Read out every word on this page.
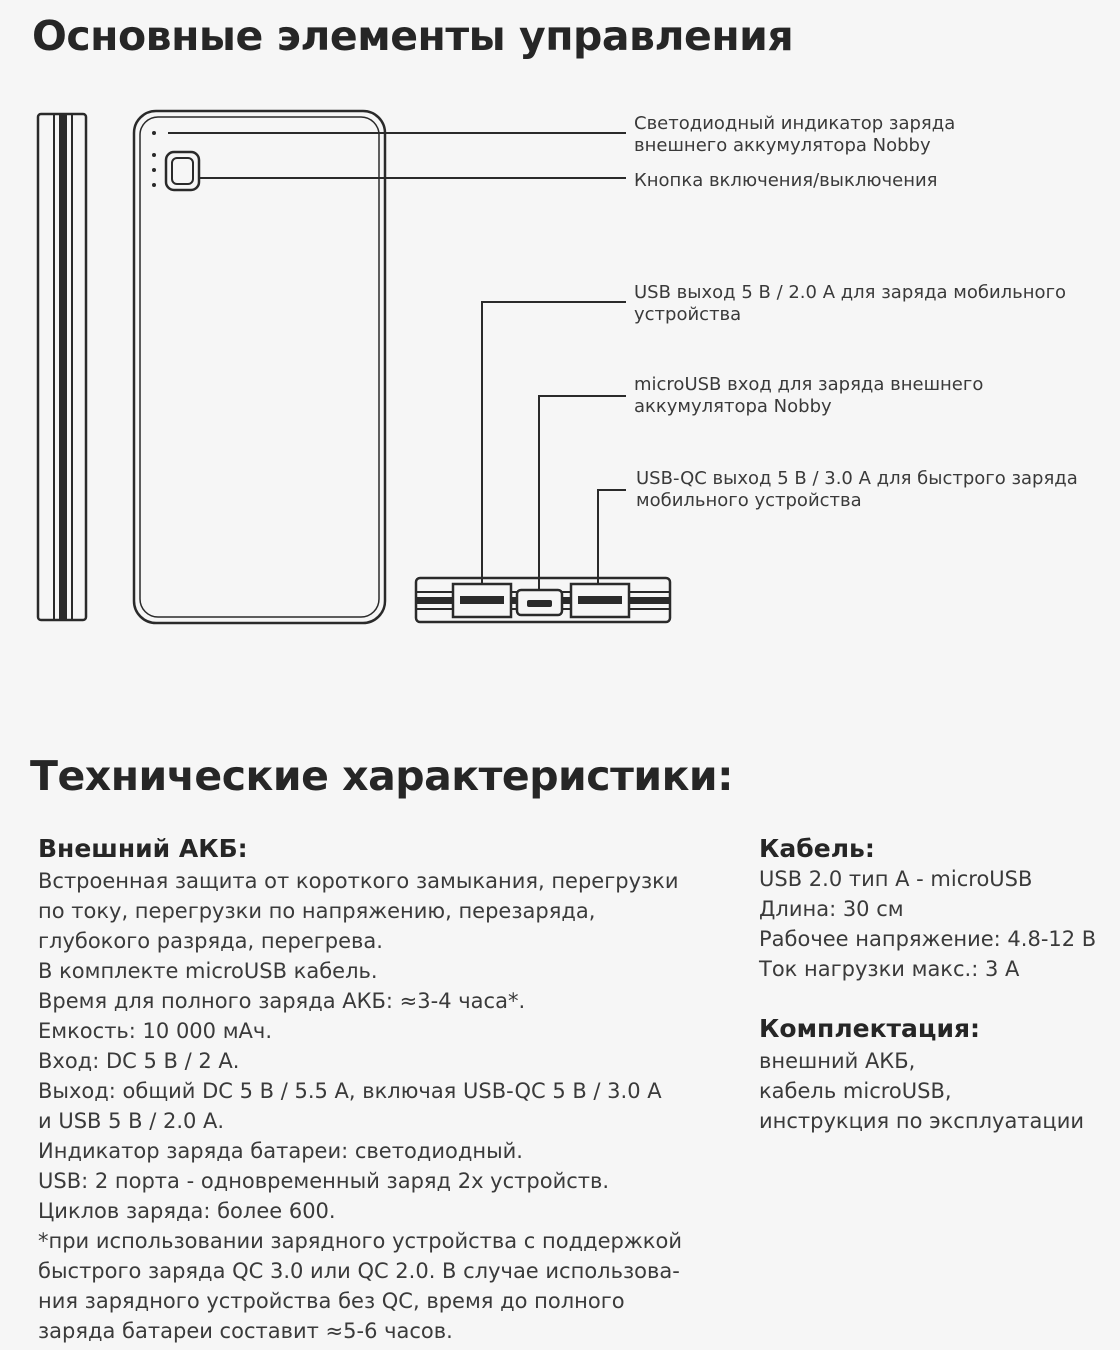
Основные элементы управления
Светодиодный индикатор заряда
внешнего аккумулятора Nobby
Кнопка включения/выключения
USB выход 5 В / 2.0 А для заряда мобильного
устройства
microUSB вход для заряда внешнего
аккумулятора Nobby
USB-QC выход 5 В / 3.0 А для быстрого заряда
мобильного устройства
Технические характеристики:
Внешний АКБ:
Встроенная защита от короткого замыкания, перегрузки
по току, перегрузки по напряжению, перезаряда,
глубокого разряда, перегрева.
В комплекте microUSB кабель.
Время для полного заряда АКБ: ≈3-4 часа*.
Емкость: 10 000 мАч.
Вход: DC 5 В / 2 А.
Выход: общий DC 5 В / 5.5 А, включая USB-QC 5 В / 3.0 А
и USB 5 В / 2.0 А.
Индикатор заряда батареи: светодиодный.
USB: 2 порта - одновременный заряд 2х устройств.
Циклов заряда: более 600.
*при использовании зарядного устройства с поддержкой
быстрого заряда QC 3.0 или QC 2.0. В случае использова-
ния зарядного устройства без QC, время до полного
заряда батареи составит ≈5-6 часов.
Кабель:
USB 2.0 тип A - microUSB
Длина: 30 см
Рабочее напряжение: 4.8-12 В
Ток нагрузки макс.: 3 А
Комплектация:
внешний АКБ,
кабель microUSB,
инструкция по эксплуатации
